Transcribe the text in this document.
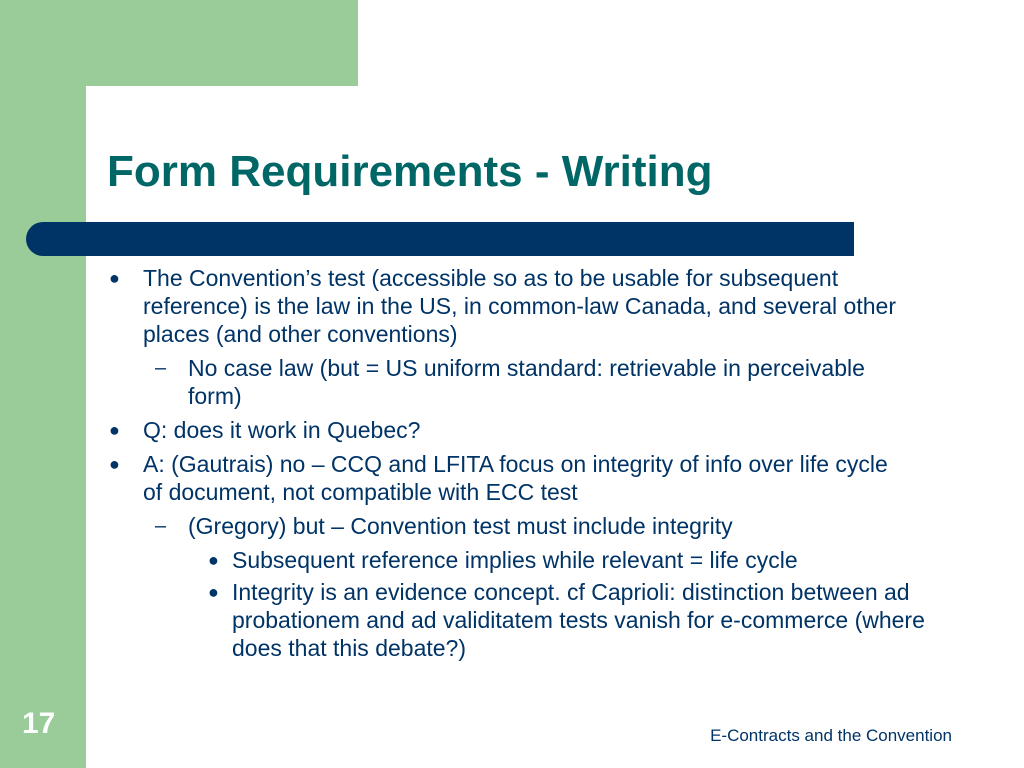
Form Requirements - Writing
● The Convention’s test (accessible so as to be usable for subsequent reference) is the law in the US, in common-law Canada, and several other places (and other conventions)
– No case law (but = US uniform standard: retrievable in perceivable form)
● Q: does it work in Quebec?
● A: (Gautrais) no – CCQ and LFITA focus on integrity of info over life cycle of document, not compatible with ECC test
– (Gregory) but – Convention test must include integrity
● Subsequent reference implies while relevant = life cycle
● Integrity is an evidence concept. cf Caprioli: distinction between ad probationem and ad validitatem tests vanish for e-commerce (where does that this debate?)
17	E-Contracts and the Convention
